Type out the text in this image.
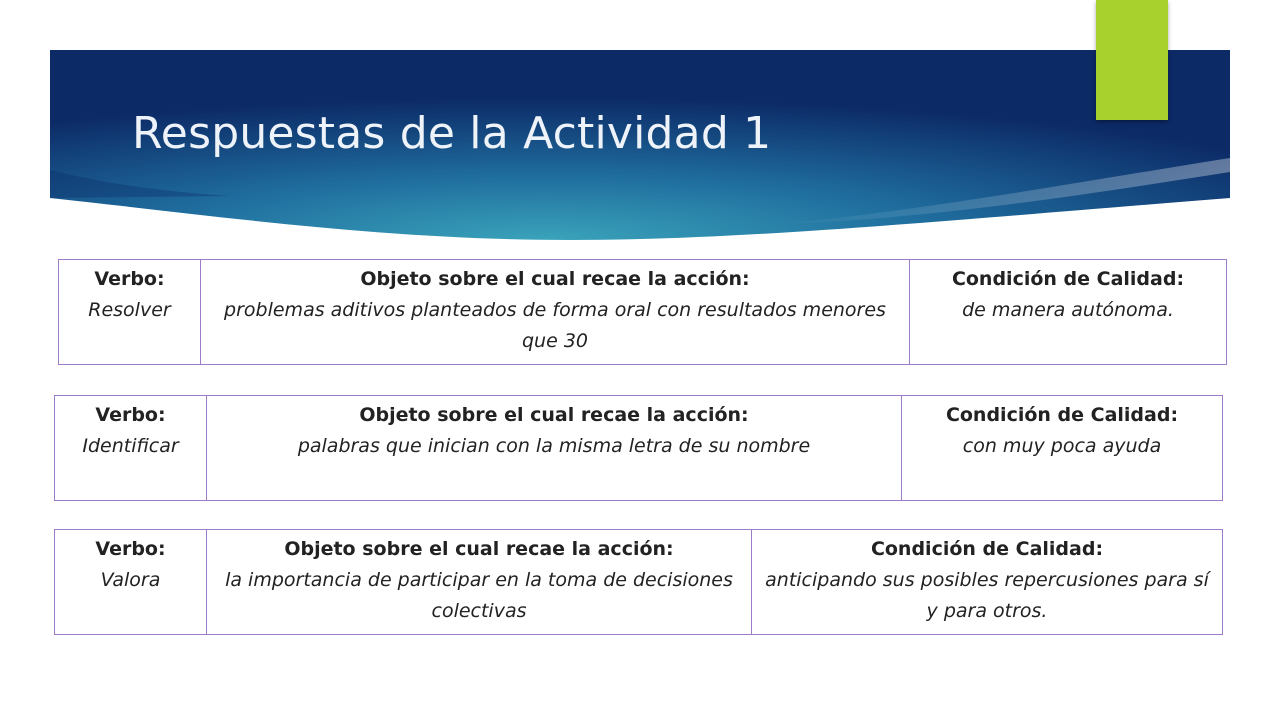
Respuestas de la Actividad 1
Verbo:
Resolver

Objeto sobre el cual recae la acción:
problemas aditivos planteados de forma oral con resultados menores que 30

Condición de Calidad:
de manera autónoma.
Verbo:
Identificar

Objeto sobre el cual recae la acción:
palabras que inician con la misma letra de su nombre

Condición de Calidad:
con muy poca ayuda
Verbo:
Valora

Objeto sobre el cual recae la acción:
la importancia de participar en la toma de decisiones colectivas

Condición de Calidad:
anticipando sus posibles repercusiones para sí y para otros.
